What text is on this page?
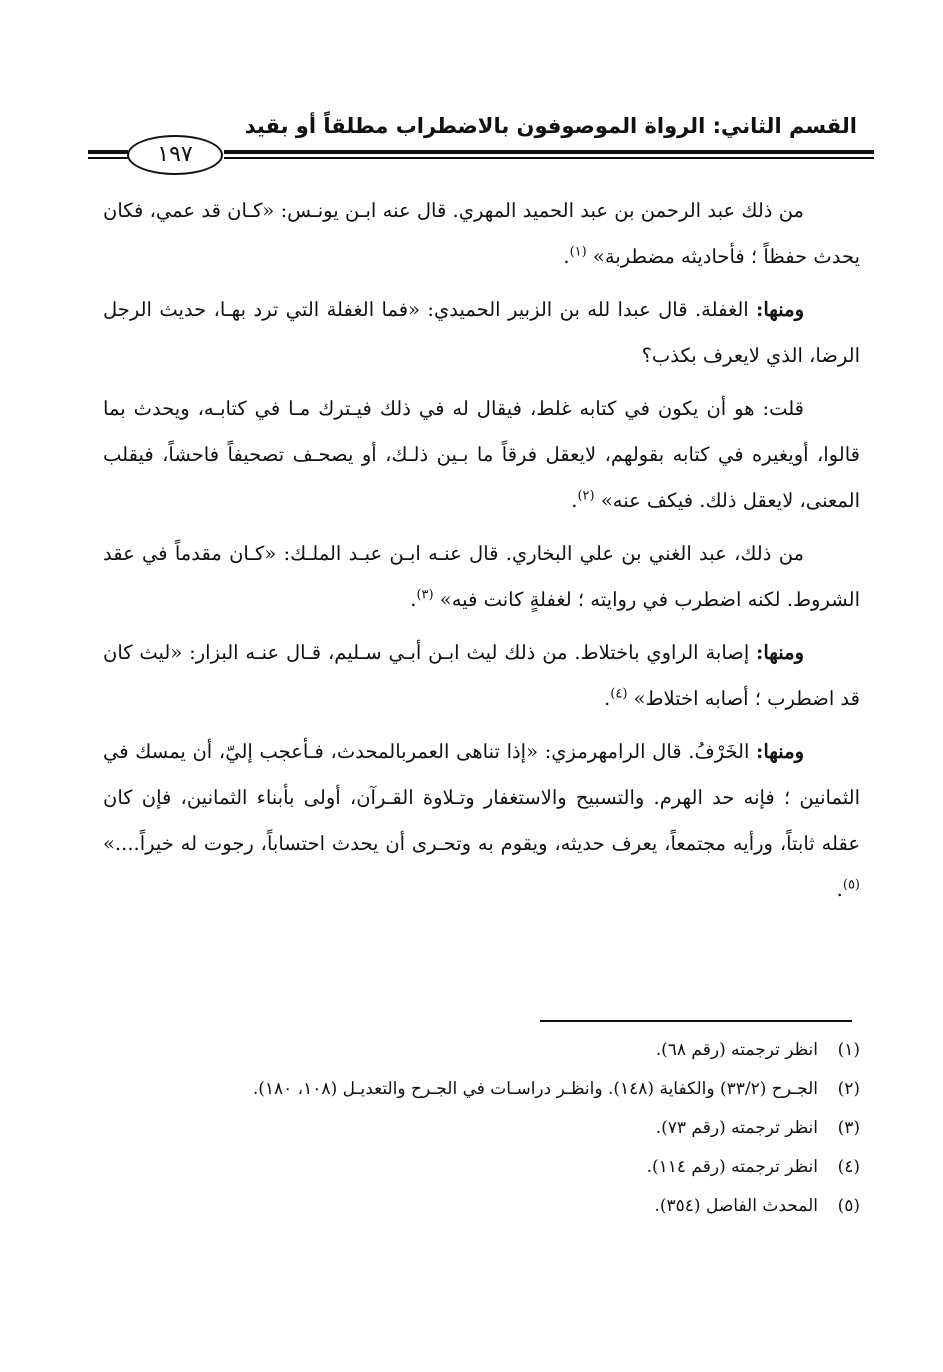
القسم الثاني: الرواة الموصوفون بالاضطراب مطلقاً أو بقيد
١٩٧

من ذلك عبد الرحمن بن عبد الحميد المهري. قال عنه ابـن يونـس: «كـان قد عمي، فكان يحدث حفظاً ؛ فأحاديثه مضطربة» $^{(١)}$.

ومنها: الغفلة. قال عبدا لله بن الزبير الحميدي: «فما الغفلة التي ترد بهـا، حديث الرجل الرضا، الذي لايعرف بكذب؟

قلت: هو أن يكون في كتابه غلط، فيقال له في ذلك فيـترك مـا في كتابـه، ويحدث بما قالوا، أويغيره في كتابه بقولهم، لايعقل فرقاً ما بـين ذلـك، أو يصحـف تصحيفاً فاحشاً، فيقلب المعنى، لايعقل ذلك. فيكف عنه» $^{(٢)}$.

من ذلك، عبد الغني بن علي البخاري. قال عنـه ابـن عبـد الملـك: «كـان مقدماً في عقد الشروط. لكنه اضطرب في روايته ؛ لغفلةٍ كانت فيه» $^{(٣)}$.

ومنها: إصابة الراوي باختلاط. من ذلك ليث ابـن أبـي سـليم، قـال عنـه البزار: «ليث كان قد اضطرب ؛ أصابه اختلاط» $^{(٤)}$.

ومنها: الخَرْفُ. قال الرامهرمزي: «إذا تناهى العمربالمحدث، فـأعجب إليّ، أن يمسك في الثمانين ؛ فإنه حد الهرم. والتسبيح والاستغفار وتـلاوة القـرآن، أولى بأبناء الثمانين، فإن كان عقله ثابتاً، ورأيه مجتمعاً، يعرف حديثه، ويقوم به وتحـرى أن يحدث احتساباً، رجوت له خيراً....» $^{(٥)}$.

(١)
انظر ترجمته (رقم ٦٨).
(٢)
الجـرح (٣٣/٢) والكفاية (١٤٨). وانظـر دراسـات في الجـرح والتعديـل (١٠٨، ١٨٠).
(٣)
انظر ترجمته (رقم ٧٣).
(٤)
انظر ترجمته (رقم ١١٤).
(٥)
المحدث الفاصل (٣٥٤).
